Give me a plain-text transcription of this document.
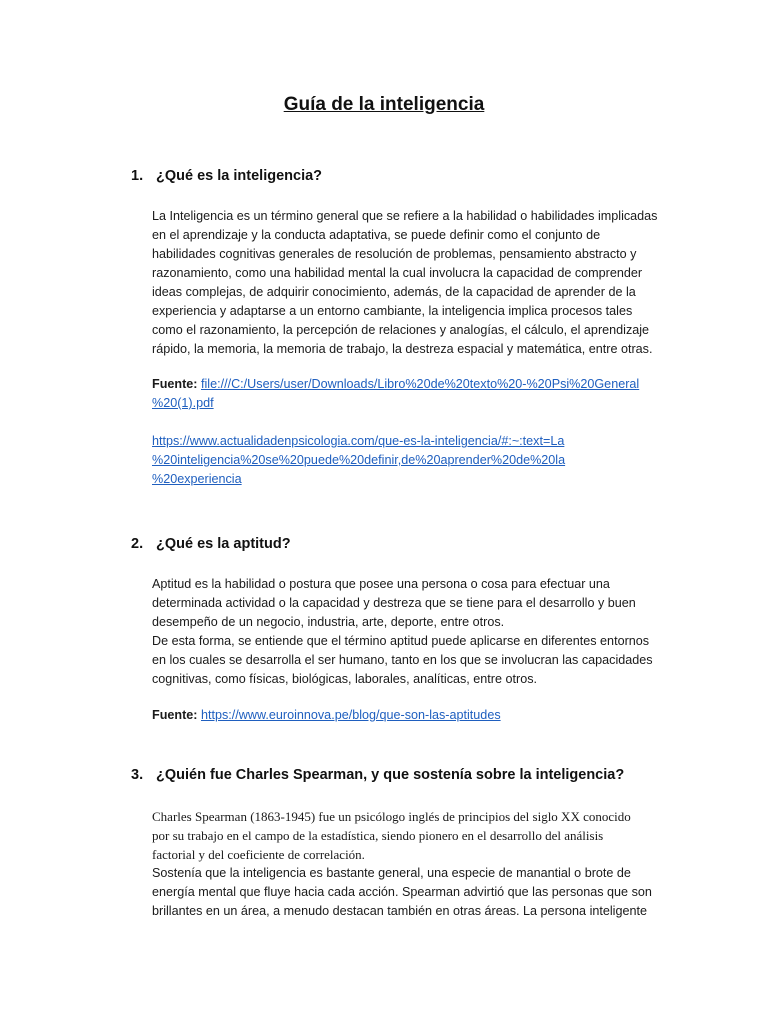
Guía de la inteligencia
1. ¿Qué es la inteligencia?

La Inteligencia es un término general que se refiere a la habilidad o habilidades implicadas

en el aprendizaje y la conducta adaptativa, se puede definir como el conjunto de

habilidades cognitivas generales de resolución de problemas, pensamiento abstracto y

razonamiento, como una habilidad mental la cual involucra la capacidad de comprender

ideas complejas, de adquirir conocimiento, además, de la capacidad de aprender de la

experiencia y adaptarse a un entorno cambiante, la inteligencia implica procesos tales

como el razonamiento, la percepción de relaciones y analogías, el cálculo, el aprendizaje

rápido, la memoria, la memoria de trabajo, la destreza espacial y matemática, entre otras.

Fuente: file:///C:/Users/user/Downloads/Libro%20de%20texto%20-%20Psi%20General

%20(1).pdf

https://www.actualidadenpsicologia.com/que-es-la-inteligencia/#:~:text=La

%20inteligencia%20se%20puede%20definir,de%20aprender%20de%20la

%20experiencia

2. ¿Qué es la aptitud?

Aptitud es la habilidad o postura que posee una persona o cosa para efectuar una

determinada actividad o la capacidad y destreza que se tiene para el desarrollo y buen

desempeño de un negocio, industria, arte, deporte, entre otros.

De esta forma, se entiende que el término aptitud puede aplicarse en diferentes entornos

en los cuales se desarrolla el ser humano, tanto en los que se involucran las capacidades

cognitivas, como físicas, biológicas, laborales, analíticas, entre otros.

Fuente: https://www.euroinnova.pe/blog/que-son-las-aptitudes

3. ¿Quién fue Charles Spearman, y que sostenía sobre la inteligencia?

Charles Spearman (1863-1945) fue un psicólogo inglés de principios del siglo XX conocido

por su trabajo en el campo de la estadística, siendo pionero en el desarrollo del análisis

factorial y del coeficiente de correlación.

Sostenía que la inteligencia es bastante general, una especie de manantial o brote de

energía mental que fluye hacia cada acción. Spearman advirtió que las personas que son

brillantes en un área, a menudo destacan también en otras áreas. La persona inteligente
